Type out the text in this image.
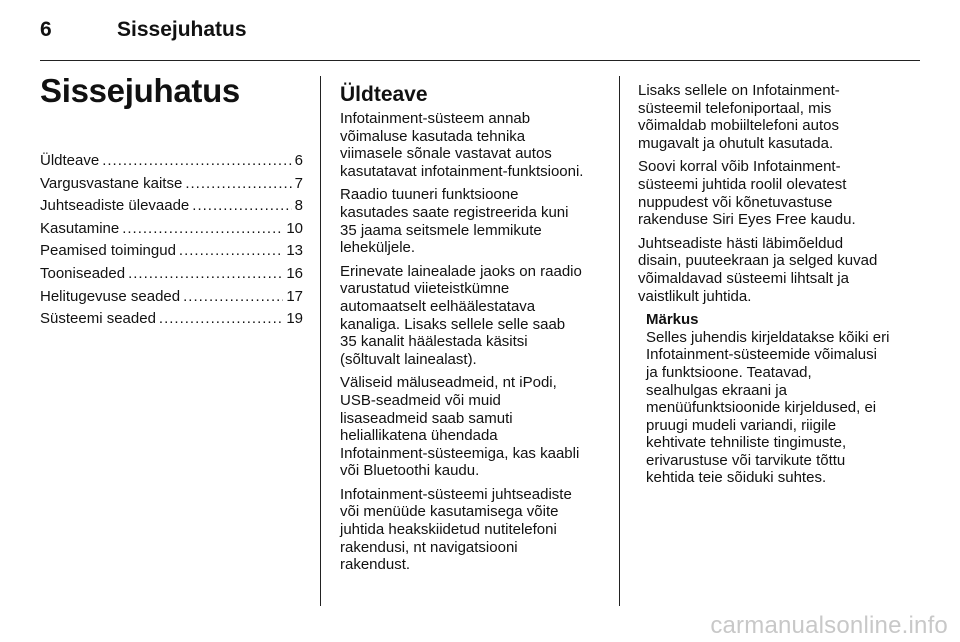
6	Sissejuhatus
Sissejuhatus
Üldteave .....	6
Vargusvastane kaitse .....	7
Juhtseadiste ülevaade .....	8
Kasutamine .....	10
Peamised toimingud .....	13
Tooniseaded .....	16
Helitugevuse seaded .....	17
Süsteemi seaded .....	19
Üldteave

Infotainment-süsteem annab
võimaluse kasutada tehnika
viimasele sõnale vastavat autos
kasutatavat infotainment-funktsiooni.

Raadio tuuneri funktsioone
kasutades saate registreerida kuni
35 jaama seitsmele lemmikute
leheküljele.

Erinevate lainealade jaoks on raadio
varustatud viieteistkümne
automaatselt eelhäälestatava
kanaliga. Lisaks sellele selle saab
35 kanalit häälestada käsitsi
(sõltuvalt lainealast).

Väliseid mäluseadmeid, nt iPodi,
USB-seadmeid või muid
lisaseadmeid saab samuti
heliallikatena ühendada
Infotainment-süsteemiga, kas kaabli
või Bluetoothi kaudu.

Infotainment-süsteemi juhtseadiste
või menüüde kasutamisega võite
juhtida heakskiidetud nutitelefoni
rakendusi, nt navigatsiooni
rakendust.

Lisaks sellele on Infotainment-
süsteemil telefoniportaal, mis
võimaldab mobiiltelefoni autos
mugavalt ja ohutult kasutada.

Soovi korral võib Infotainment-
süsteemi juhtida roolil olevatest
nuppudest või kõnetuvastuse
rakenduse Siri Eyes Free kaudu.

Juhtseadiste hästi läbimõeldud
disain, puuteekraan ja selged kuvad
võimaldavad süsteemi lihtsalt ja
vaistlikult juhtida.

Märkus

Selles juhendis kirjeldatakse kõiki eri
Infotainment-süsteemide võimalusi
ja funktsioone. Teatavad,
sealhulgas ekraani ja
menüüfunktsioonide kirjeldused, ei
pruugi mudeli variandi, riigile
kehtivate tehniliste tingimuste,
erivarustuse või tarvikute tõttu
kehtida teie sõiduki suhtes.

carmanualsonline.info
